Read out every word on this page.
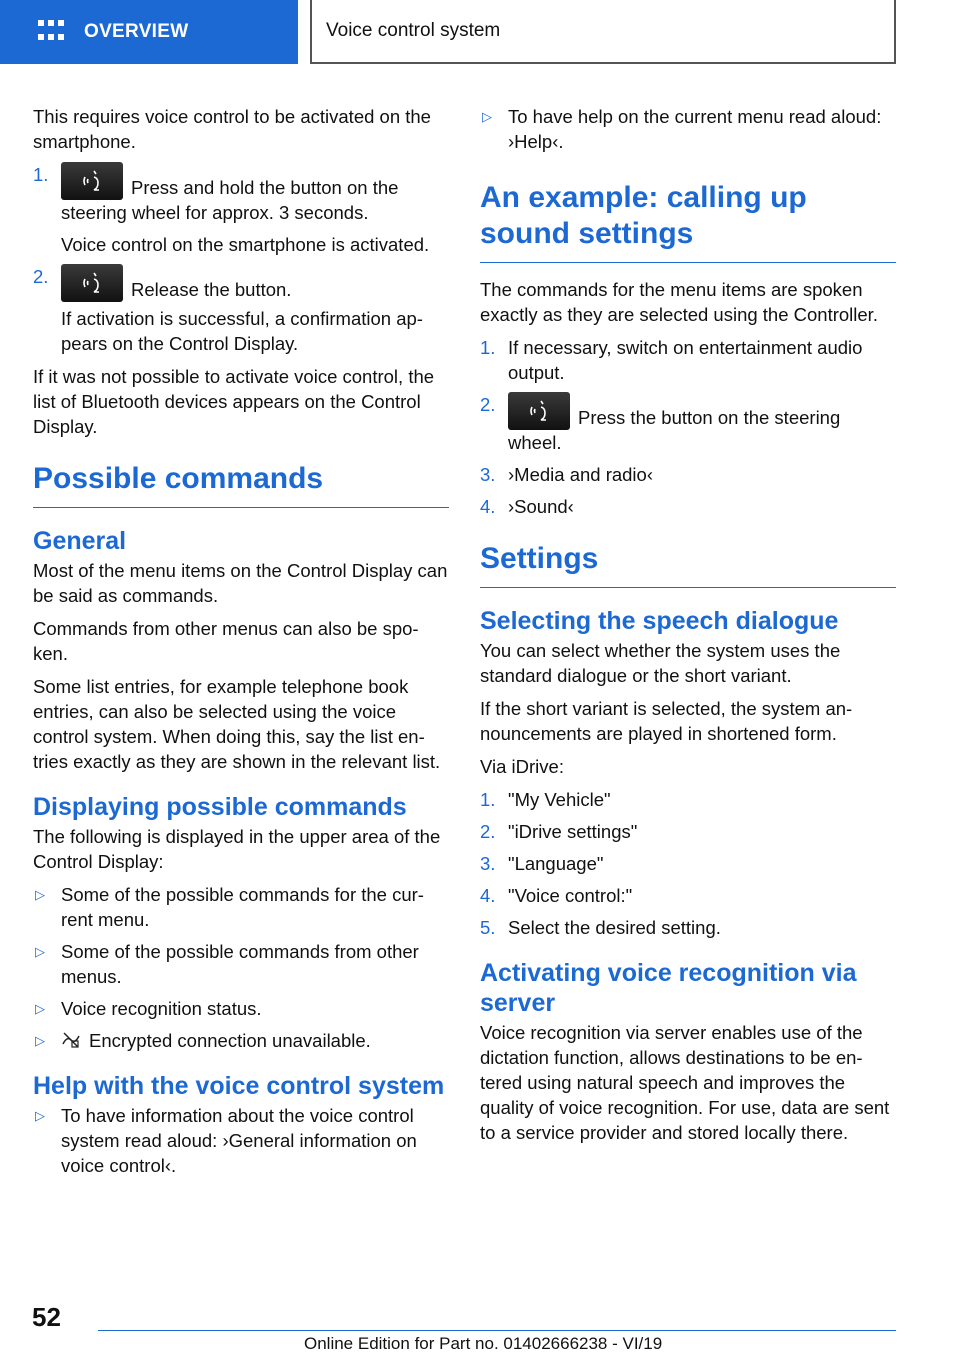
OVERVIEW	Voice control system

This requires voice control to be activated on the smartphone.

1.
Press and hold the button on the steering wheel for approx. 3 seconds.
Voice control on the smartphone is activated.
2.
Release the button.
If activation is successful, a confirmation ap‐ pears on the Control Display.

If it was not possible to activate voice control, the list of Bluetooth devices appears on the Control Display.

Possible commands
General

Most of the menu items on the Control Display can be said as commands.

Commands from other menus can also be spo‐ ken.

Some list entries, for example telephone book entries, can also be selected using the voice control system. When doing this, say the list en‐ tries exactly as they are shown in the relevant list.

Displaying possible commands

The following is displayed in the upper area of the Control Display:

▷ Some of the possible commands for the cur‐ rent menu.
▷ Some of the possible commands from other menus.
▷ Voice recognition status.
▷ Encrypted connection unavailable.
Help with the voice control system
▷ To have information about the voice control system read aloud: ›General information on voice control‹.
▷ To have help on the current menu read aloud: ›Help‹.
An example: calling up sound settings

The commands for the menu items are spoken exactly as they are selected using the Controller.

1. If necessary, switch on entertainment audio output.
2.
Press the button on the steering wheel.
3. ›Media and radio‹
4. ›Sound‹
Settings
Selecting the speech dialogue

You can select whether the system uses the standard dialogue or the short variant.

If the short variant is selected, the system an‐ nouncements are played in shortened form.

Via iDrive:

1. "My Vehicle"
2. "iDrive settings"
3. "Language"
4. "Voice control:"
5. Select the desired setting.
Activating voice recognition via server

Voice recognition via server enables use of the dictation function, allows destinations to be en‐ tered using natural speech and improves the quality of voice recognition. For use, data are sent to a service provider and stored locally there.

52
Online Edition for Part no. 01402666238 - VI/19
